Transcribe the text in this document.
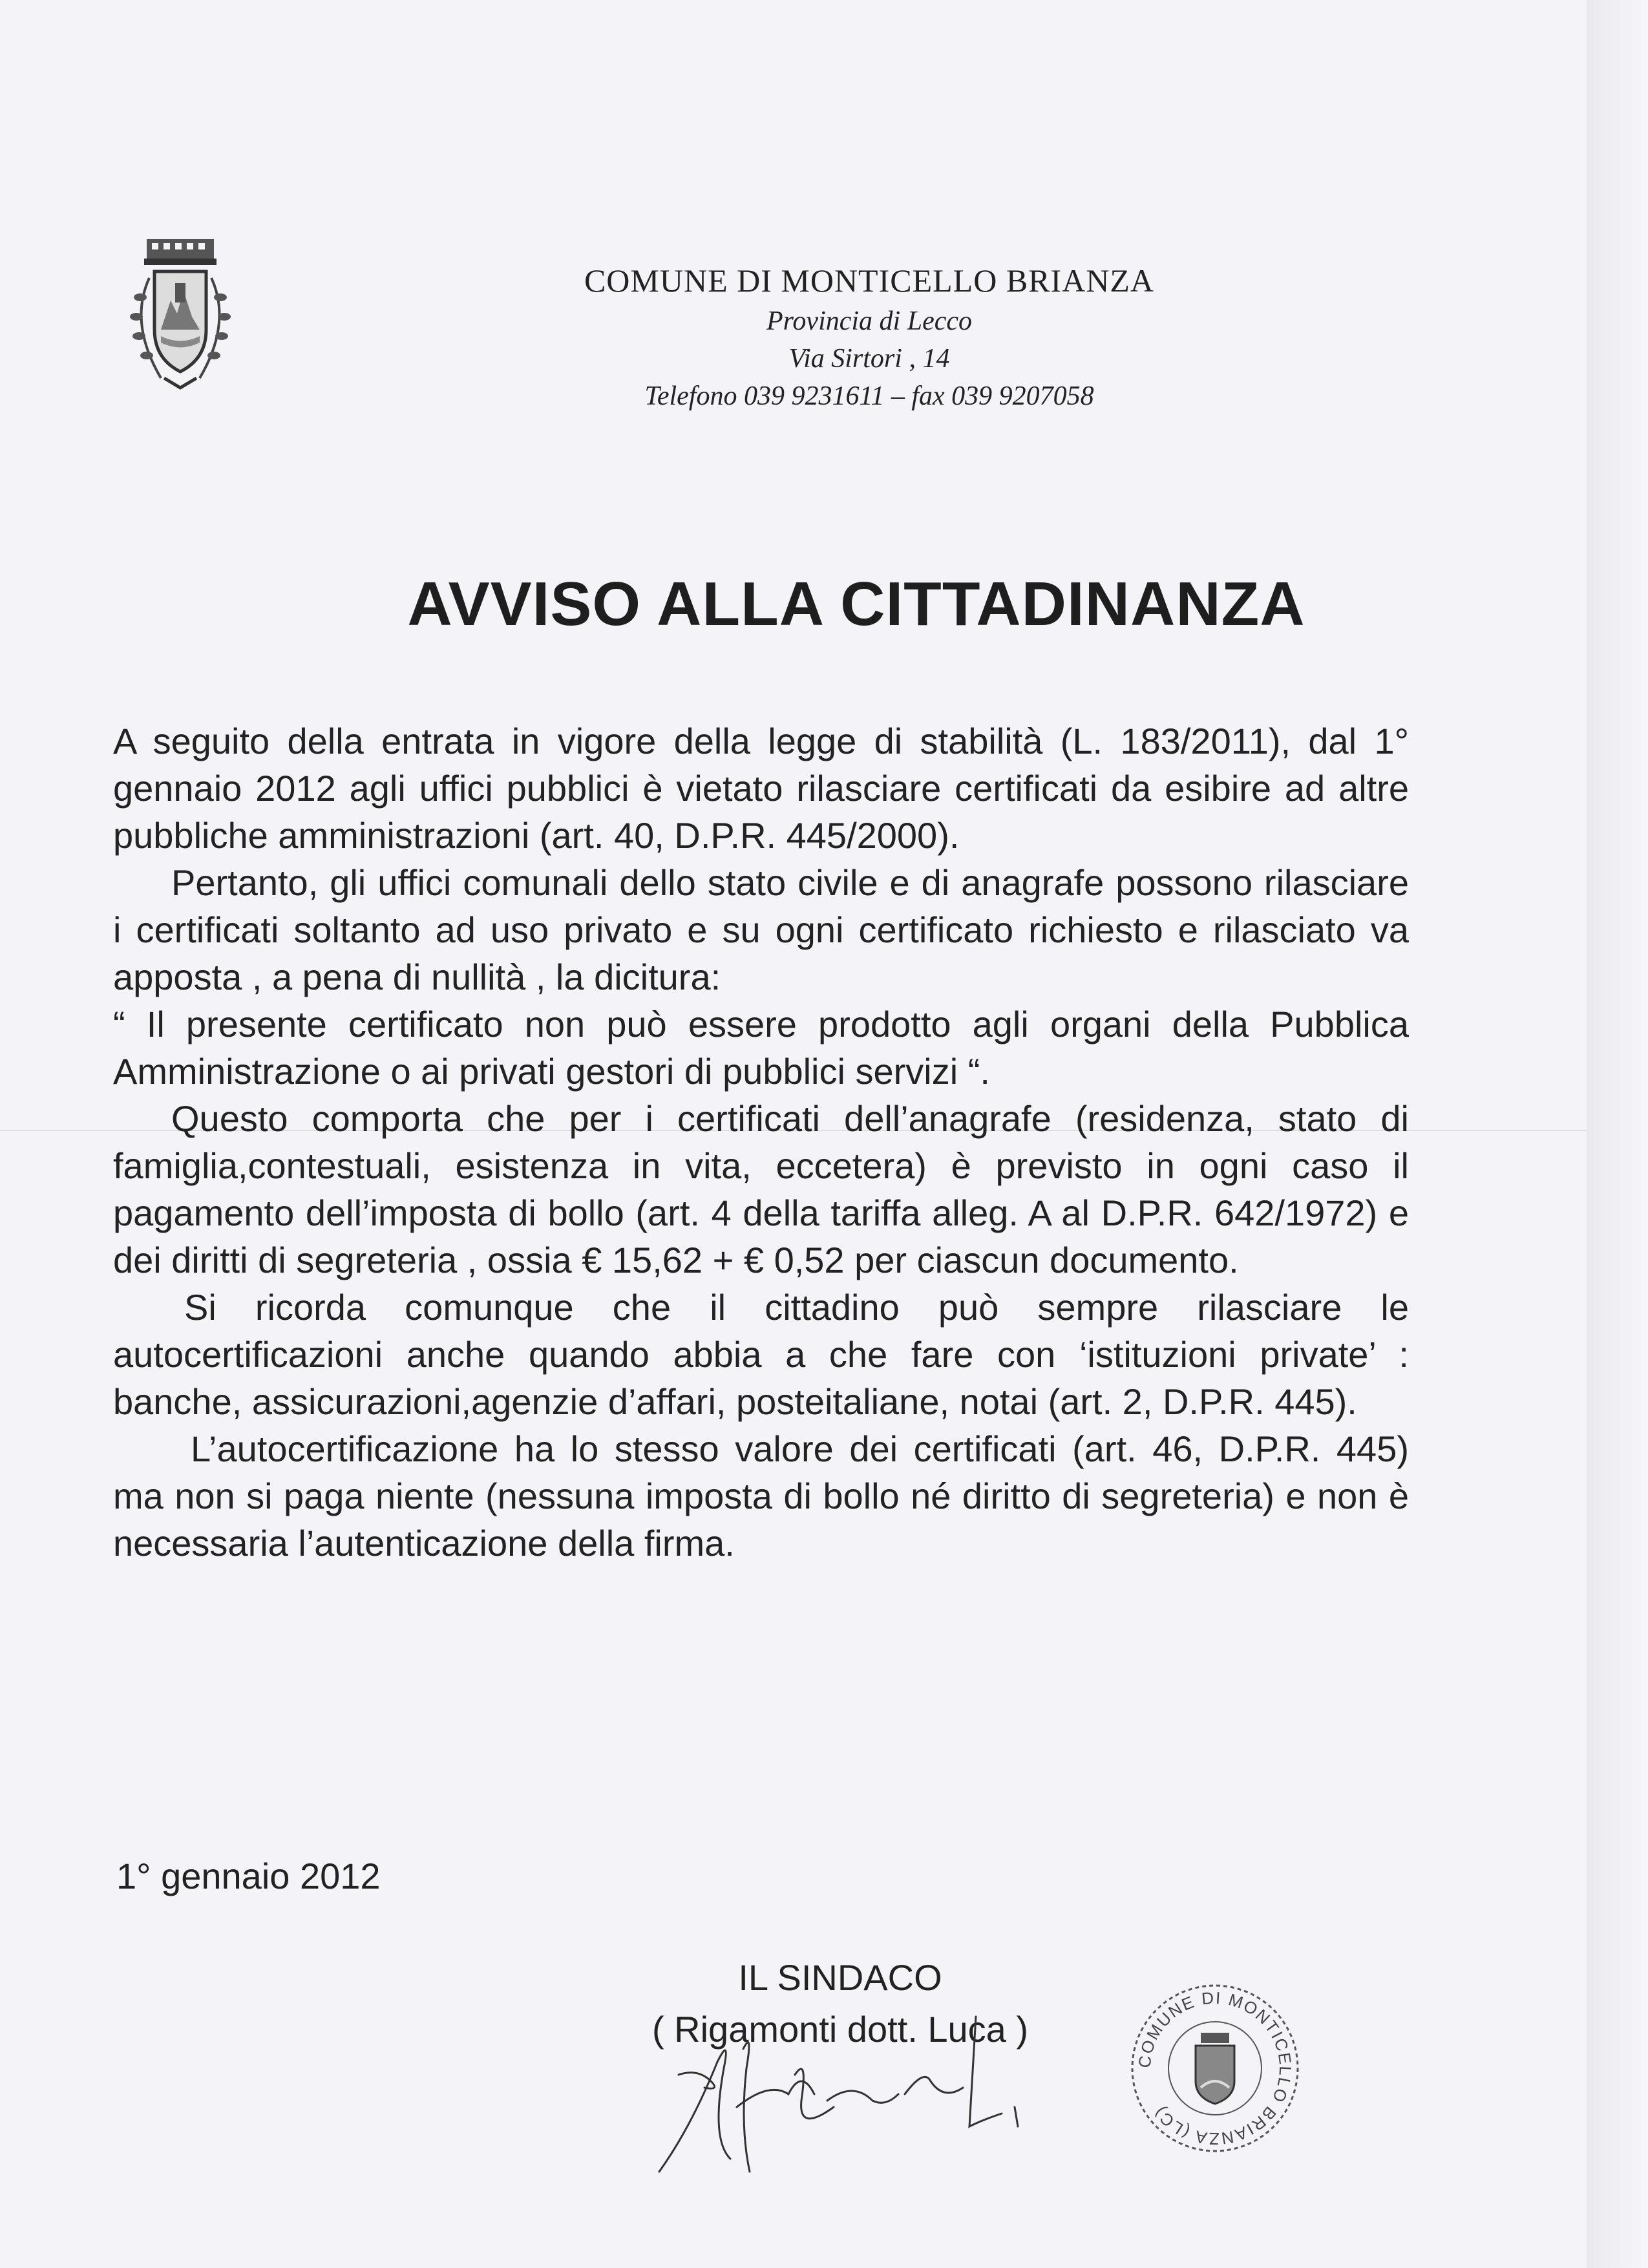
COMUNE DI MONTICELLO BRIANZA
Provincia di Lecco
Via Sirtori , 14
Telefono 039 9231611 – fax 039 9207058
AVVISO ALLA CITTADINANZA

A seguito della entrata in vigore della legge di stabilità (L. 183/2011), dal 1° gennaio 2012 agli uffici pubblici è vietato rilasciare certificati da esibire ad altre pubbliche amministrazioni (art. 40, D.P.R. 445/2000).

Pertanto, gli uffici comunali dello stato civile e di anagrafe possono rilasciare i certificati soltanto ad uso privato e su ogni certificato richiesto e rilasciato va apposta , a pena di nullità , la dicitura:

“ Il presente certificato non può essere prodotto agli organi della Pubblica Amministrazione o ai privati gestori di pubblici servizi “.

Questo comporta che per i certificati dell’anagrafe (residenza, stato di famiglia,contestuali, esistenza in vita, eccetera) è previsto in ogni caso il pagamento dell’imposta di bollo (art. 4 della tariffa alleg. A al D.P.R. 642/1972) e dei diritti di segreteria , ossia € 15,62 + € 0,52 per ciascun documento.

Si ricorda comunque che il cittadino può sempre rilasciare le autocertificazioni anche quando abbia a che fare con ‘istituzioni private’ : banche, assicurazioni,agenzie d’affari, posteitaliane, notai (art. 2, D.P.R. 445).

L’autocertificazione ha lo stesso valore dei certificati (art. 46, D.P.R. 445) ma non si paga niente (nessuna imposta di bollo né diritto di segreteria) e non è necessaria l’autenticazione della firma.

1° gennaio 2012
IL SINDACO
( Rigamonti dott. Luca )
COMUNE DI MONTICELLO BRIANZA (LC)
